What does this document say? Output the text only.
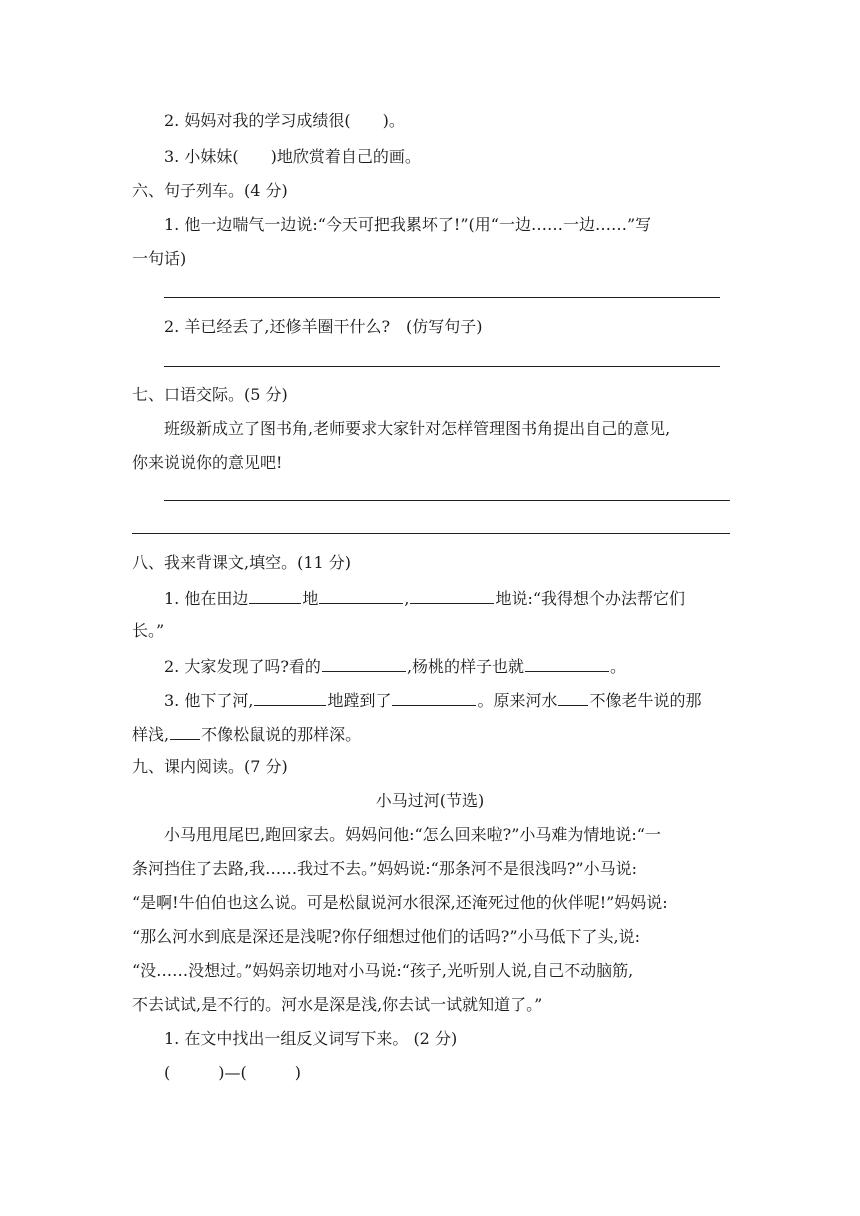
2. 妈妈对我的学习成绩很(　　)。
3. 小妹妹(　　)地欣赏着自己的画。
六、句子列车。(4 分)
1. 他一边喘气一边说:“今天可把我累坏了!”(用“一边……一边……”写
一句话)
2. 羊已经丢了,还修羊圈干什么?　(仿写句子)
七、口语交际。(5 分)
班级新成立了图书角,老师要求大家针对怎样管理图书角提出自己的意见,
你来说说你的意见吧!
八、我来背课文,填空。(11 分)
1. 他在田边	地	,	地说:“我得想个办法帮它们
长。”
2. 大家发现了吗?看的	,杨桃的样子也就	。
3. 他下了河,	地蹚到了	。原来河水 不像老牛说的那
样浅, 不像松鼠说的那样深。
九、课内阅读。(7 分)
小马过河(节选)
小马甩甩尾巴,跑回家去。妈妈问他:“怎么回来啦?”小马难为情地说:“一
条河挡住了去路,我……我过不去。”妈妈说:“那条河不是很浅吗?”小马说:
“是啊!牛伯伯也这么说。可是松鼠说河水很深,还淹死过他的伙伴呢!”妈妈说:
“那么河水到底是深还是浅呢?你仔细想过他们的话吗?”小马低下了头,说:
“没……没想过。”妈妈亲切地对小马说:“孩子,光听别人说,自己不动脑筋,
不去试试,是不行的。河水是深是浅,你去试一试就知道了。”
1. 在文中找出一组反义词写下来。 (2 分)
(　　　)—(　　　)
